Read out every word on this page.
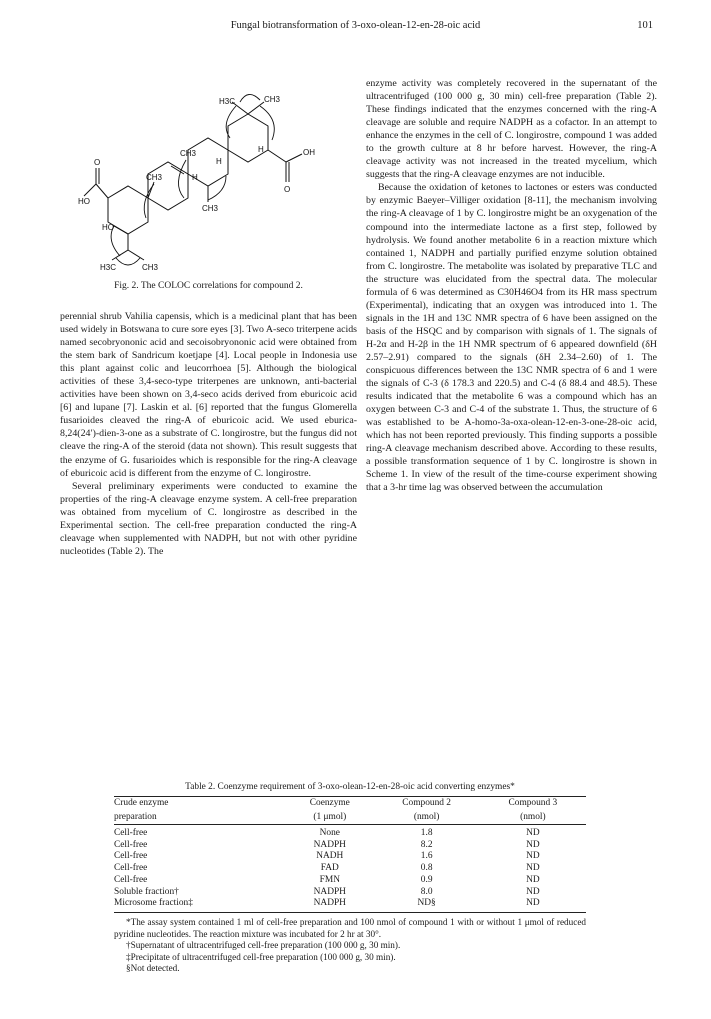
Fungal biotransformation of 3-oxo-olean-12-en-28-oic acid	101
H3C	CH3
CH3
CH3
CH3
H	OH
O
H
H
O
HO
HO
H3C	CH3
Fig. 2. The COLOC correlations for compound 2.

perennial shrub Vahilia capensis, which is a medicinal plant that has been used widely in Botswana to cure sore eyes [3]. Two A-seco triterpene acids named secobryononic acid and secoisobryononic acid were obtained from the stem bark of Sandricum koetjape [4]. Local people in Indonesia use this plant against colic and leucorrhoea [5]. Although the biological activities of these 3,4-seco-type triterpenes are unknown, anti-bacterial activities have been shown on 3,4-seco acids derived from eburicoic acid [6] and lupane [7]. Laskin et al. [6] reported that the fungus Glomerella fusarioides cleaved the ring-A of eburicoic acid. We used eburica-8,24(24′)-dien-3-one as a substrate of C. longirostre, but the fungus did not cleave the ring-A of the steroid (data not shown). This result suggests that the enzyme of G. fusarioides which is responsible for the ring-A cleavage of eburicoic acid is different from the enzyme of C. longirostre.

Several preliminary experiments were conducted to examine the properties of the ring-A cleavage enzyme system. A cell-free preparation was obtained from mycelium of C. longirostre as described in the Experimental section. The cell-free preparation conducted the ring-A cleavage when supplemented with NADPH, but not with other pyridine nucleotides (Table 2). The

enzyme activity was completely recovered in the supernatant of the ultracentrifuged (100 000 g, 30 min) cell-free preparation (Table 2). These findings indicated that the enzymes concerned with the ring-A cleavage are soluble and require NADPH as a cofactor. In an attempt to enhance the enzymes in the cell of C. longirostre, compound 1 was added to the growth culture at 8 hr before harvest. However, the ring-A cleavage activity was not increased in the treated mycelium, which suggests that the ring-A cleavage enzymes are not inducible.

Because the oxidation of ketones to lactones or esters was conducted by enzymic Baeyer–Villiger oxidation [8-11], the mechanism involving the ring-A cleavage of 1 by C. longirostre might be an oxygenation of the compound into the intermediate lactone as a first step, followed by hydrolysis. We found another metabolite 6 in a reaction mixture which contained 1, NADPH and partially purified enzyme solution obtained from C. longirostre. The metabolite was isolated by preparative TLC and the structure was elucidated from the spectral data. The molecular formula of 6 was determined as C30H46O4 from its HR mass spectrum (Experimental), indicating that an oxygen was introduced into 1. The signals in the 1H and 13C NMR spectra of 6 have been assigned on the basis of the HSQC and by comparison with signals of 1. The signals of H-2α and H-2β in the 1H NMR spectrum of 6 appeared downfield (δH 2.57–2.91) compared to the signals (δH 2.34–2.60) of 1. The conspicuous differences between the 13C NMR spectra of 6 and 1 were the signals of C-3 (δ 178.3 and 220.5) and C-4 (δ 88.4 and 48.5). These results indicated that the metabolite 6 was a compound which has an oxygen between C-3 and C-4 of the substrate 1. Thus, the structure of 6 was established to be A-homo-3a-oxa-olean-12-en-3-one-28-oic acid, which has not been reported previously. This finding supports a possible ring-A cleavage mechanism described above. According to these results, a possible transformation sequence of 1 by C. longirostre is shown in Scheme 1. In view of the result of the time-course experiment showing that a 3-hr time lag was observed between the accumulation

Table 2. Coenzyme requirement of 3-oxo-olean-12-en-28-oic acid converting enzymes*
Crude enzyme	Coenzyme	Compound 2	Compound 3
preparation	(1 μmol)	(nmol)	(nmol)
Cell-free	None	1.8	ND
Cell-free	NADPH	8.2	ND
Cell-free	NADH	1.6	ND
Cell-free	FAD	0.8	ND
Cell-free	FMN	0.9	ND
Soluble fraction†	NADPH	8.0	ND
Microsome fraction‡	NADPH	ND§	ND

*The assay system contained 1 ml of cell-free preparation and 100 nmol of compound 1 with or without 1 μmol of reduced pyridine nucleotides. The reaction mixture was incubated for 2 hr at 30°.

†Supernatant of ultracentrifuged cell-free preparation (100 000 g, 30 min).

‡Precipitate of ultracentrifuged cell-free preparation (100 000 g, 30 min).

§Not detected.
